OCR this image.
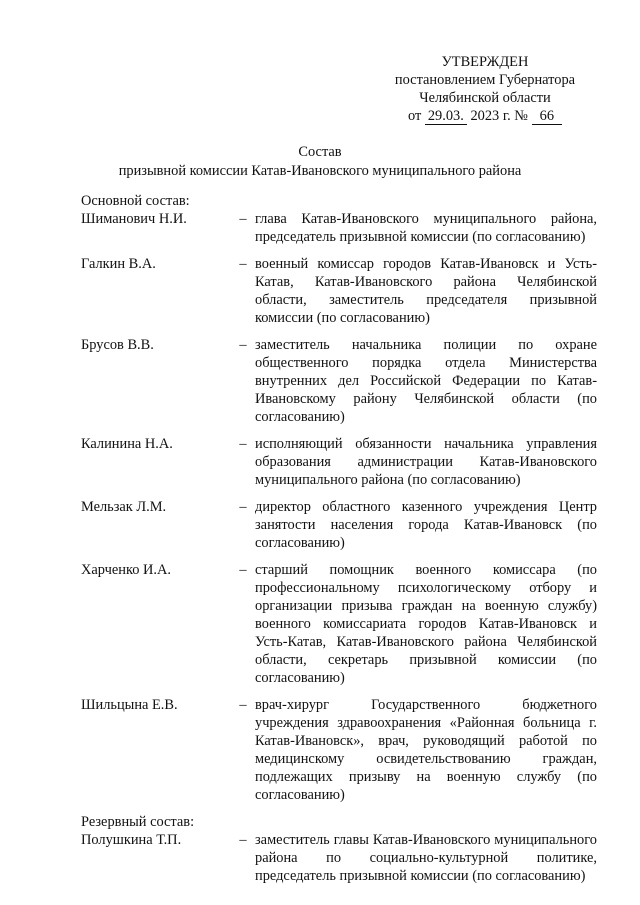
УТВЕРЖДЕН
постановлением Губернатора
Челябинской области
от 29.03. 2023 г. № 66
Состав
призывной комиссии Катав-Ивановского муниципального района
Основной состав:
Шиманович Н.И.	– глава Катав-Ивановского муниципального района, председатель призывной комиссии (по согласованию)
Галкин В.А.	– военный комиссар городов Катав-Ивановск и Усть-Катав, Катав-Ивановского района Челябинской области, заместитель председателя призывной комиссии (по согласованию)
Брусов В.В.	– заместитель начальника полиции по охране общественного порядка отдела Министерства внутренних дел Российской Федерации по Катав-Ивановскому району Челябинской области (по согласованию)
Калинина Н.А.	– исполняющий обязанности начальника управления образования администрации Катав-Ивановского муниципального района (по согласованию)
Мельзак Л.М.	– директор областного казенного учреждения Центр занятости населения города Катав-Ивановск (по согласованию)
Харченко И.А.	– старший помощник военного комиссара (по профессиональному психологическому отбору и организации призыва граждан на военную службу) военного комиссариата городов Катав-Ивановск и Усть-Катав, Катав-Ивановского района Челябинской области, секретарь призывной комиссии (по согласованию)
Шильцына Е.В.	– врач-хирург Государственного бюджетного учреждения здравоохранения «Районная больница г. Катав-Ивановск», врач, руководящий работой по медицинскому освидетельствованию граждан, подлежащих призыву на военную службу (по согласованию)
Резервный состав:
Полушкина Т.П.	– заместитель главы Катав-Ивановского муниципального района по социально-культурной политике, председатель призывной комиссии (по согласованию)
